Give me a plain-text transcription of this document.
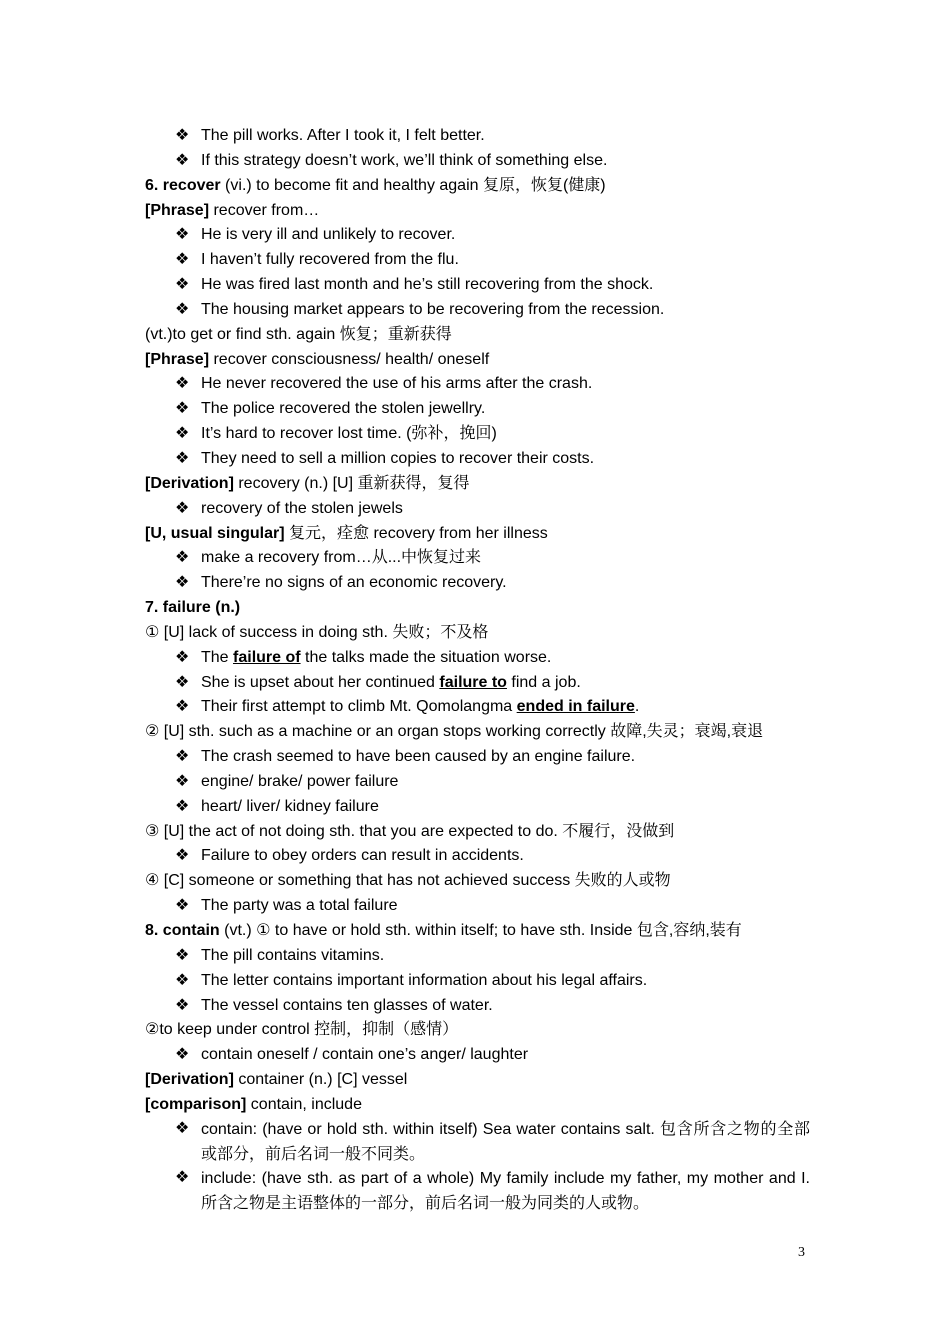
❖ The pill works. After I took it, I felt better.
❖ If this strategy doesn’t work, we’ll think of something else.
6. recover (vi.) to become fit and healthy again 复原，恢复(健康)
[Phrase] recover from…
❖ He is very ill and unlikely to recover.
❖ I haven’t fully recovered from the flu.
❖ He was fired last month and he’s still recovering from the shock.
❖ The housing market appears to be recovering from the recession.
(vt.)to get or find sth. again 恢复；重新获得
[Phrase] recover consciousness/ health/ oneself
❖ He never recovered the use of his arms after the crash.
❖ The police recovered the stolen jewellry.
❖ It’s hard to recover lost time. (弥补，挽回)
❖ They need to sell a million copies to recover their costs.
[Derivation] recovery (n.) [U] 重新获得，复得
❖ recovery of the stolen jewels
[U, usual singular] 复元，痊愈 recovery from her illness
❖ make a recovery from…从...中恢复过来
❖ There’re no signs of an economic recovery.
7. failure (n.)
① [U] lack of success in doing sth. 失败；不及格
❖ The failure of the talks made the situation worse.
❖ She is upset about her continued failure to find a job.
❖ Their first attempt to climb Mt. Qomolangma ended in failure.
② [U] sth. such as a machine or an organ stops working correctly 故障,失灵；衰竭,衰退
❖ The crash seemed to have been caused by an engine failure.
❖ engine/ brake/ power failure
❖ heart/ liver/ kidney failure
③ [U] the act of not doing sth. that you are expected to do. 不履行，没做到
❖ Failure to obey orders can result in accidents.
④ [C] someone or something that has not achieved success 失败的人或物
❖ The party was a total failure
8. contain (vt.) ① to have or hold sth. within itself; to have sth. Inside 包含,容纳,装有
❖ The pill contains vitamins.
❖ The letter contains important information about his legal affairs.
❖ The vessel contains ten glasses of water.
②to keep under control 控制，抑制（感情）
❖ contain oneself / contain one’s anger/ laughter
[Derivation] container (n.) [C] vessel
[comparison] contain, include
❖ contain: (have or hold sth. within itself) Sea water contains salt. 包含所含之物的全部或部分，前后名词一般不同类。
❖ include: (have sth. as part of a whole) My family include my father, my mother and I. 所含之物是主语整体的一部分，前后名词一般为同类的人或物。
3
